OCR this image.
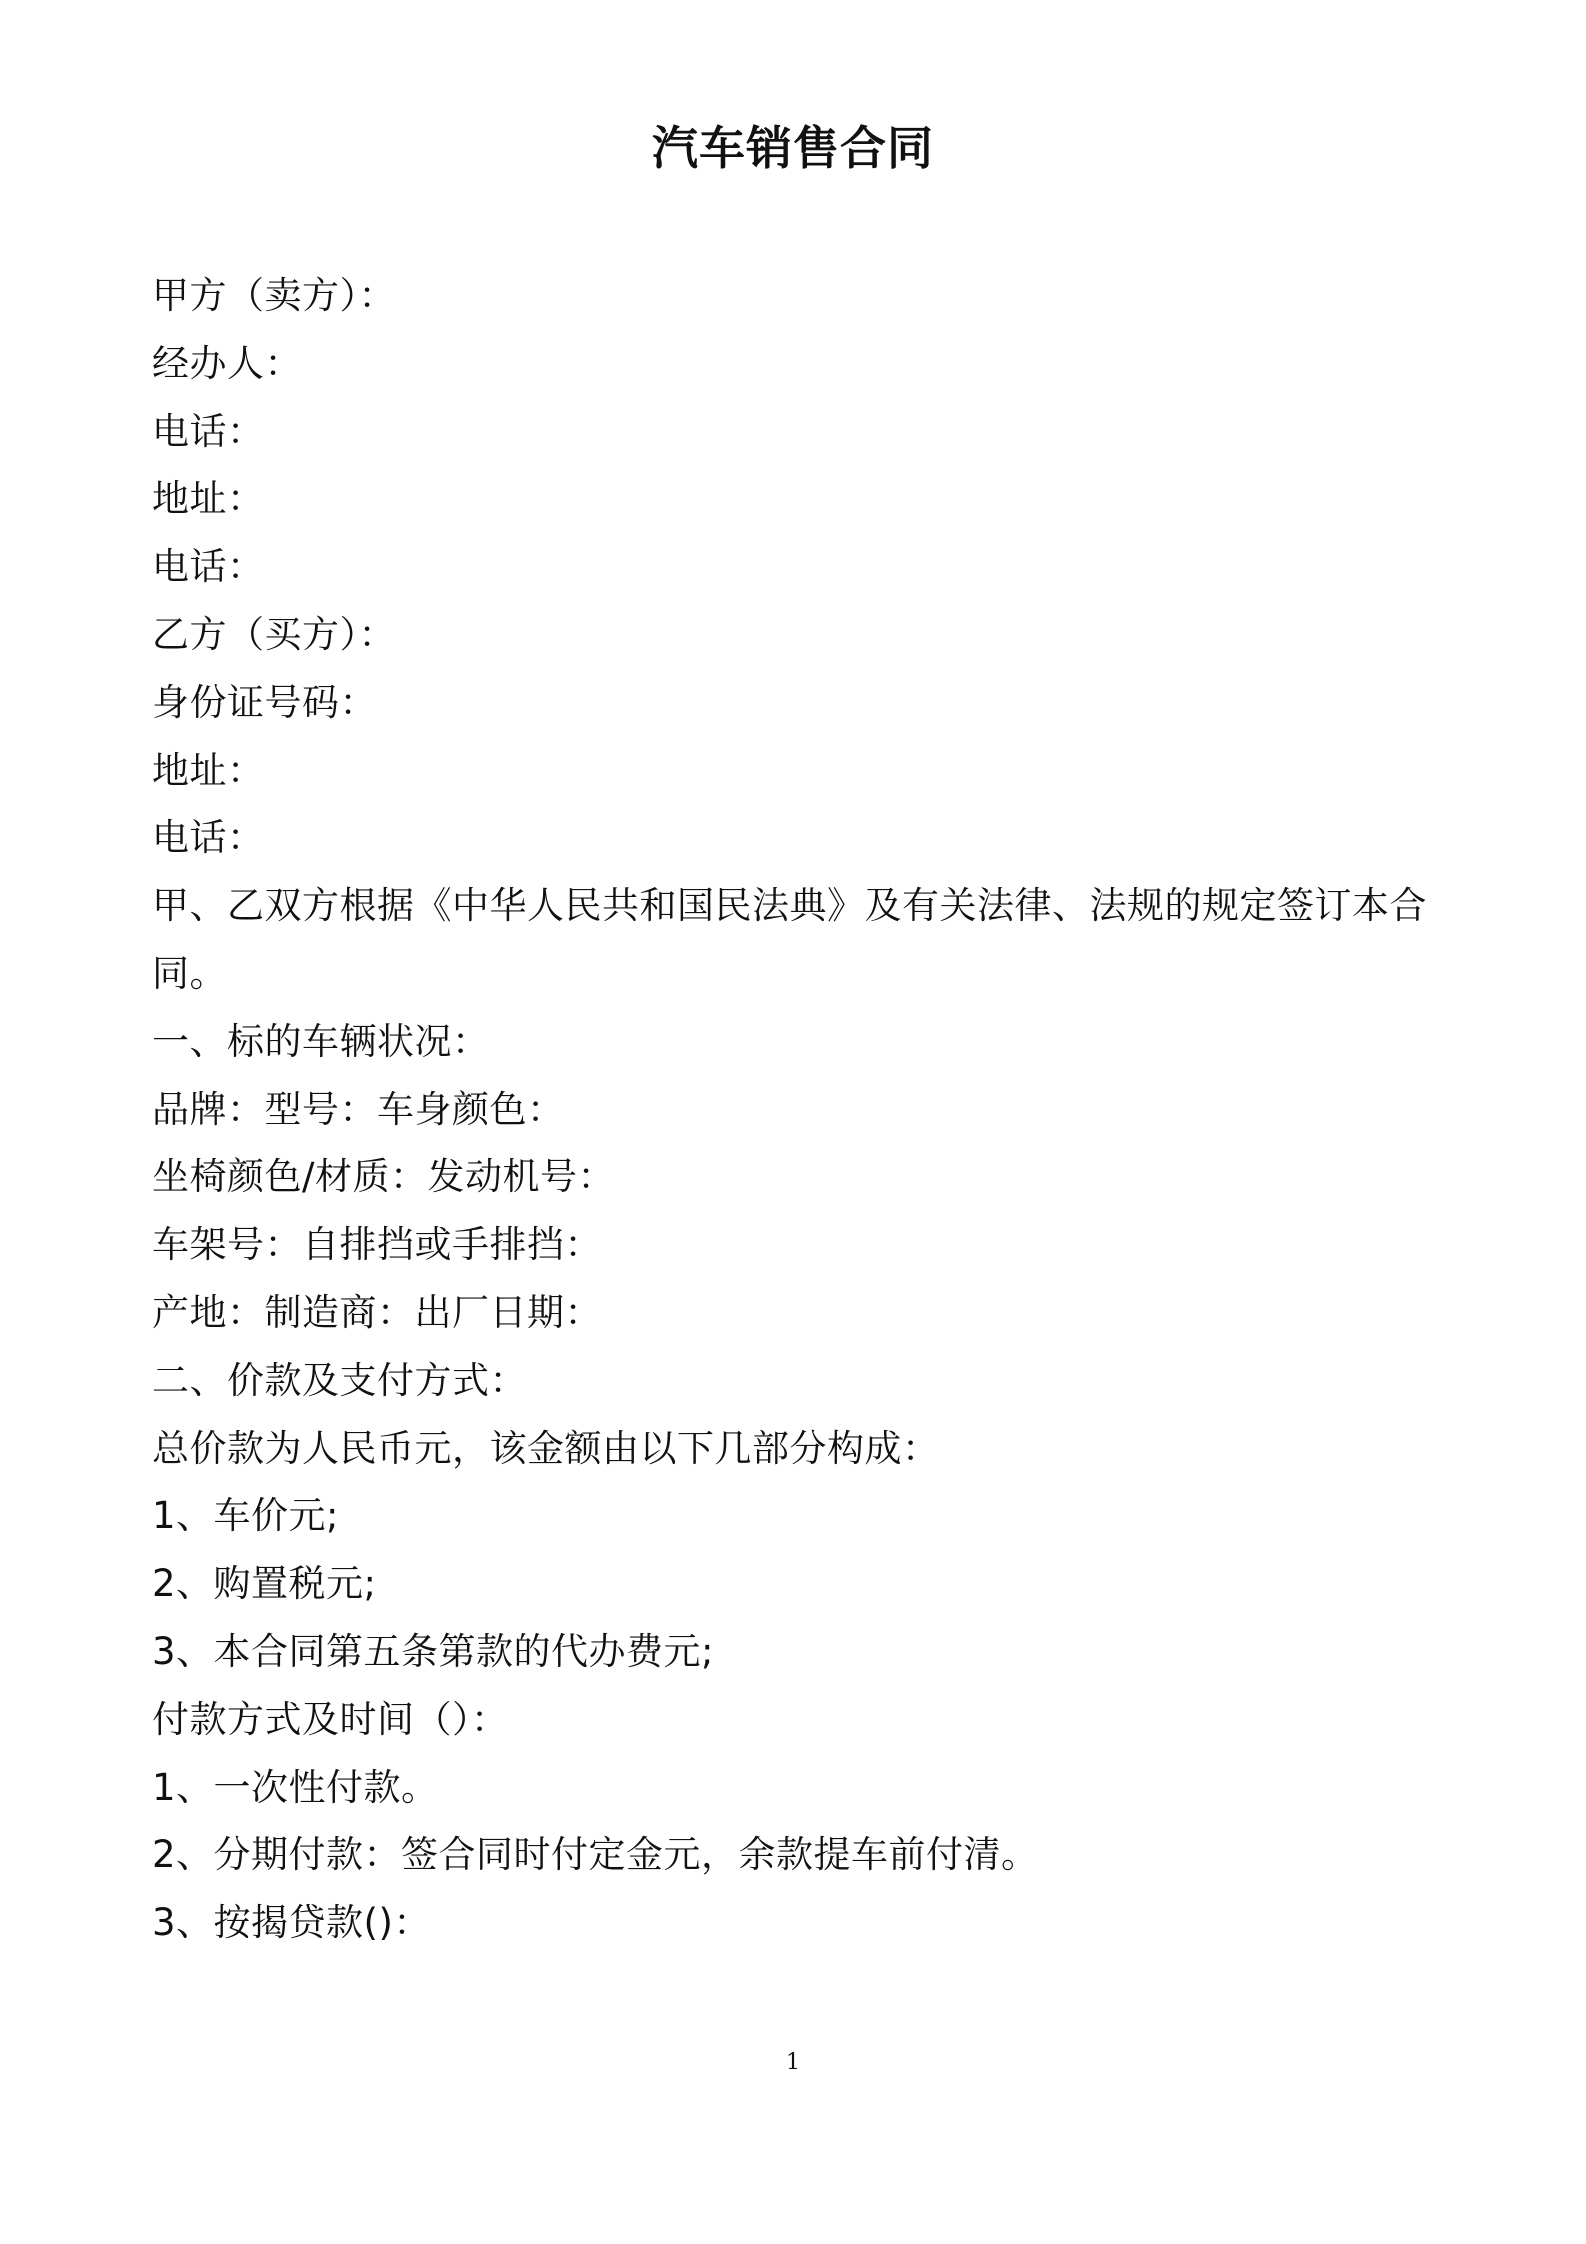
汽车销售合同
甲方（卖方）：
经办人：
电话：
地址：
电话：
乙方（买方）：
身份证号码：
地址：
电话：
甲、乙双方根据《中华人民共和国民法典》及有关法律、法规的规定签订本合
同。
一、标的车辆状况：
品牌：型号：车身颜色：
坐椅颜色/材质：发动机号：
车架号：自排挡或手排挡：
产地：制造商：出厂日期：
二、价款及支付方式：
总价款为人民币元，该金额由以下几部分构成：
1、车价元;
2、购置税元;
3、本合同第五条第款的代办费元;
付款方式及时间（）：
1、一次性付款。
2、分期付款：签合同时付定金元，余款提车前付清。
3、按揭贷款()：
1
